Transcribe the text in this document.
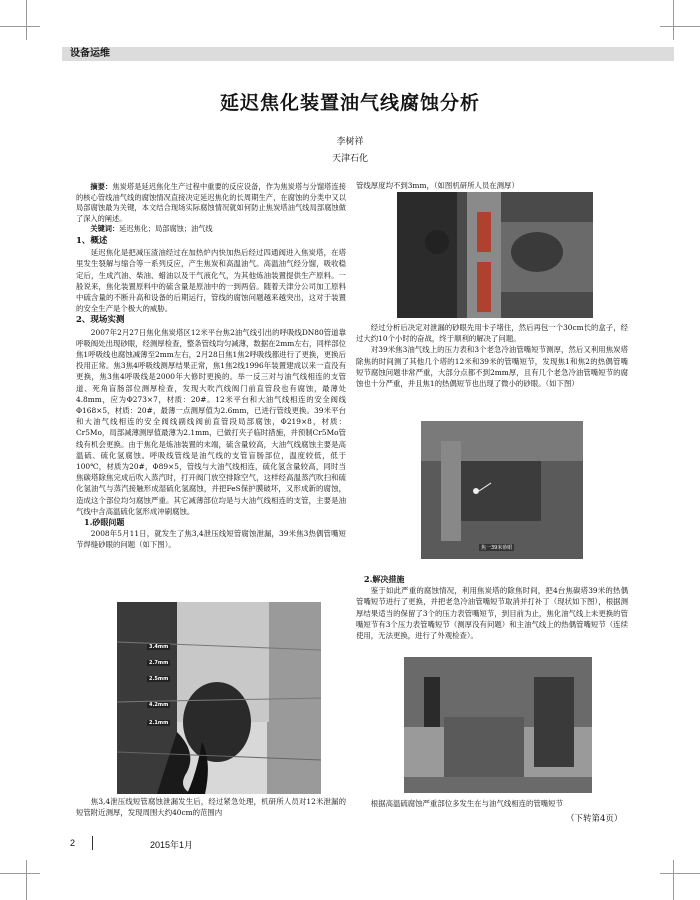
设备运维
延迟焦化装置油气线腐蚀分析
李树祥
天津石化

摘要：焦炭塔是延迟焦化生产过程中重要的反应设备，作为焦炭塔与分馏塔连接的核心管线油气线的腐蚀情况直接决定延迟焦化的长周期生产，在腐蚀的分类中又以局部腐蚀最为关键，本文结合现场实际腐蚀情况就如何防止焦炭塔油气线局部腐蚀做了深入的阐述。

关键词：延迟焦化；局部腐蚀；油气线

1、概述

延迟焦化是把减压渣油经过在加热炉内快加热后经过四通阀进入焦炭塔，在塔里发生裂解与缩合等一系列反应，产生焦炭和高温油气。高温油气经分馏，吸收稳定后，生成汽油、柴油、蜡油以及干气液化气，为其他炼油装置提供生产原料。一般说来，焦化装置原料中的硫含量是原油中的一到两倍。随着天津分公司加工原料中硫含量的不断升高和设备的后期运行，管线的腐蚀问题越来越突出，这对于装置的安全生产是个极大的威胁。

2、现场实测

2007年2月27日焦化焦炭塔区12米平台焦2油气线引出的呼吸线DN80管道靠呼吸阀处出现砂眼，经测厚检查，整条管线均匀减薄，数据在2mm左右，同样部位焦1呼吸线也腐蚀减薄至2mm左右，2月28日焦1焦2呼吸线都进行了更换，更换后投用正常。焦3焦4呼吸线测厚结果正常，焦1焦2线1996年装置建成以来一直没有更换，焦3焦4呼吸线是2000年大修时更换的。举一反三对与油气线相连的支管道、死角盲肠部位测厚检查，发现大吹汽线阀门前直管段也有腐蚀，最薄处4.8mm，应为Φ273×7，材质：20#。12米平台和大油气线相连的安全阀线Φ168×5，材质：20#，最薄一点测厚值为2.6mm，已进行管线更换。39米平台和大油气线相连的安全阀线副线阀前直管段局部腐蚀，Φ219×8，材质：Cr5Mo，局部减薄测厚值最薄为2.1mm，已做打夹子临时措施，并预制Cr5Mo管线有机会更换。由于焦化是炼油装置的末端，硫含量较高，大油气线腐蚀主要是高温硫、硫化氢腐蚀。呼吸线管线是油气线的支管盲肠部位，温度较低，低于100℃，材质为20#，Φ89×5，管线与大油气线相连，硫化氢含量较高，同时当焦碳塔除焦完成后吹入蒸汽时，打开阀门放空排除空气，这样经高温蒸汽吹扫和硫化氢油气与蒸汽接触形成湿硫化氢腐蚀，并把FeS保护膜破坏，又形成新的腐蚀，造成这个部位均匀腐蚀严重。其它减薄部位均是与大油气线相连的支管，主要是油气线中含高温硫化氢形成冲刷腐蚀。

1.砂眼问题

2008年5月11日，就发生了焦3,4泄压线短管腐蚀泄漏，39米焦3热偶管嘴短节焊缝砂眼的问题（如下图）。

3.4mm
2.7mm
2.5mm
4.2mm
2.1mm
焦3,4泄压线短管腐蚀泄漏发生后，经过紧急处理，机研所人员对12米泄漏的短管附近测厚，发现周围大约40cm的范围内

管线厚度均不到3mm，（如图机研所人员在测厚）

经过分析后决定对泄漏的砂眼先用卡子堵住，然后再包一个30cm长的盒子，经过大约10个小时的奋战，终于顺利的解决了问题。

对39米焦3油气线上的压力表和3个老急冷油管嘴短节测厚，然后又利用焦炭塔除焦的时间测了其他几个塔的12米和39米的管嘴短节，发现焦1和焦2的热偶管嘴短节腐蚀问题非常严重，大部分点都不到2mm厚，且有几个老急冷油管嘴短节的腐蚀也十分严重，并且焦1的热偶短节也出现了微小的砂眼。（如下图）

焦一39米砂眼

2.解决措施

鉴于如此严重的腐蚀情况，利用焦炭塔的除焦时间，把4台焦碳塔39米的热偶管嘴短节进行了更换，并把老急冷油管嘴短节取消并打补丁（现状如下图），根据测厚结果适当的保留了3个的压力表管嘴短节，到目前为止，焦化油气线上未更换的管嘴短节有3个压力表管嘴短节（测厚没有问题）和主油气线上的热偶管嘴短节（连续使用，无法更换，进行了外观检查）。

根据高温硫腐蚀严重部位多发生在与油气线相连的管嘴短节
（下转第4页）
2	2015年1月
